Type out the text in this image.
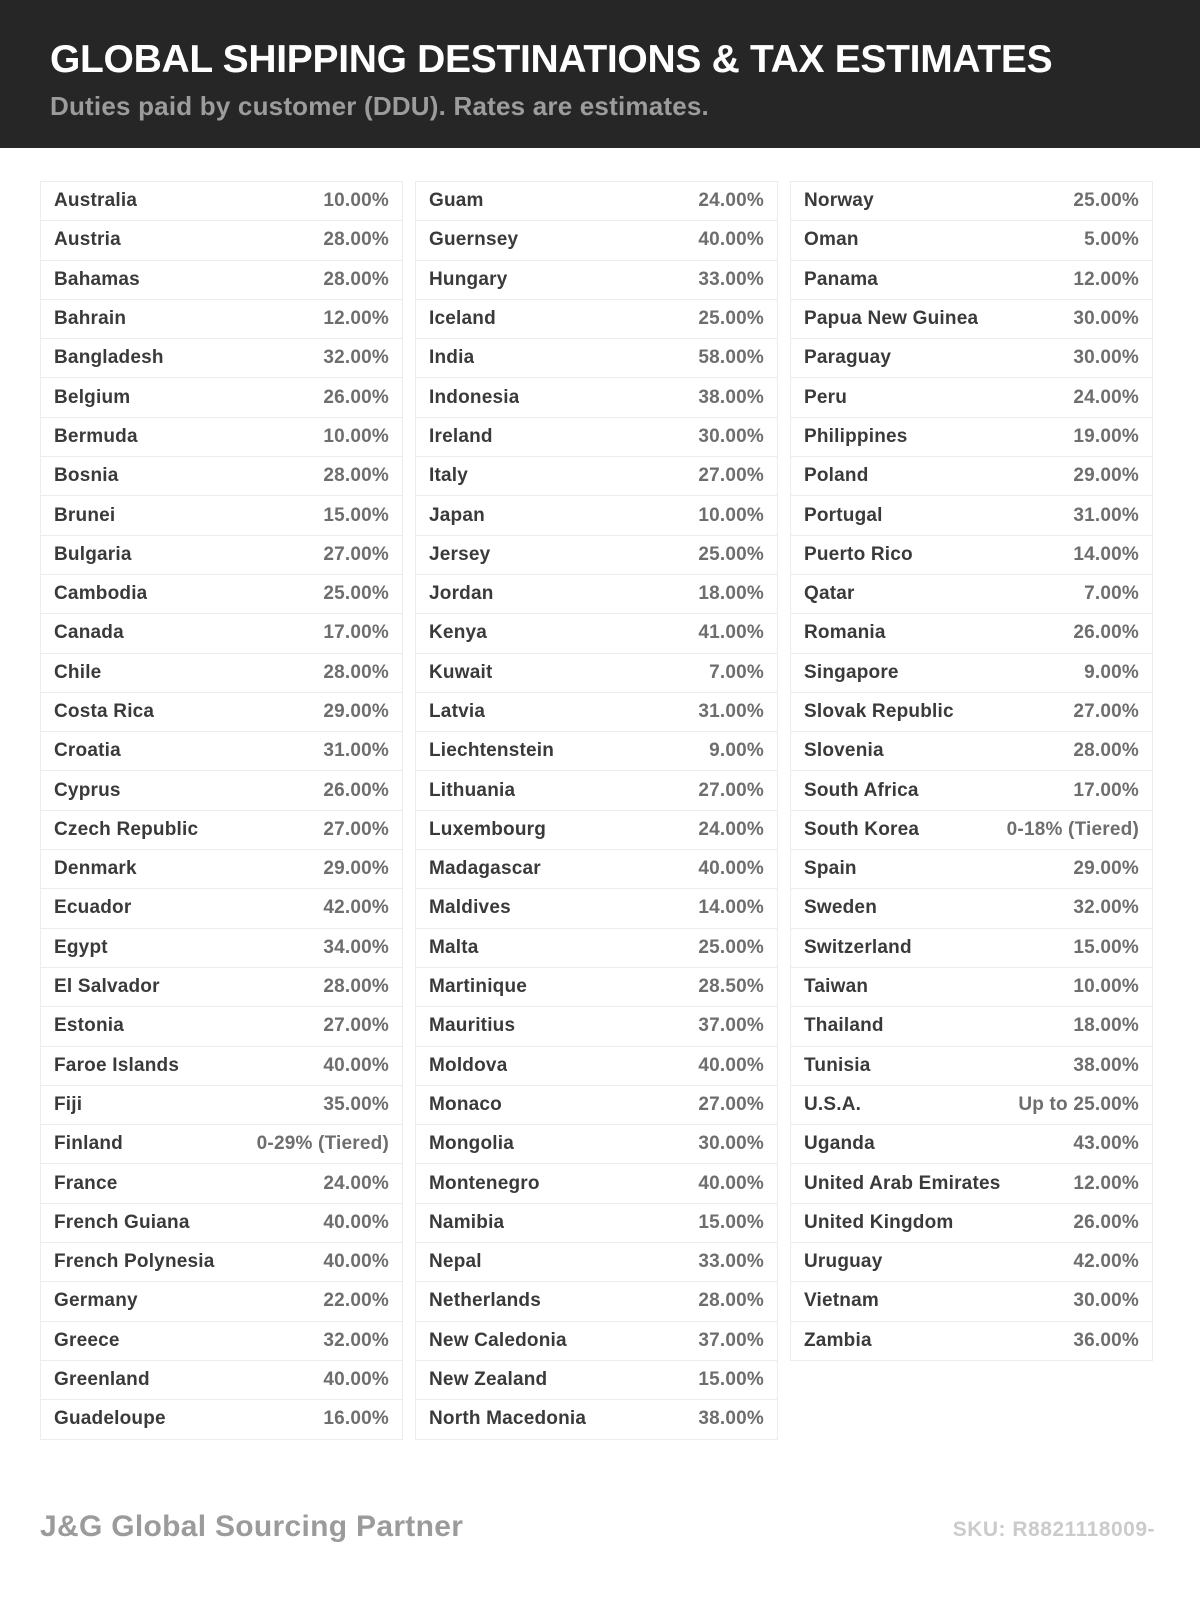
GLOBAL SHIPPING DESTINATIONS & TAX ESTIMATES

Duties paid by customer (DDU). Rates are estimates.

Australia	10.00%
Austria	28.00%
Bahamas	28.00%
Bahrain	12.00%
Bangladesh	32.00%
Belgium	26.00%
Bermuda	10.00%
Bosnia	28.00%
Brunei	15.00%
Bulgaria	27.00%
Cambodia	25.00%
Canada	17.00%
Chile	28.00%
Costa Rica	29.00%
Croatia	31.00%
Cyprus	26.00%
Czech Republic	27.00%
Denmark	29.00%
Ecuador	42.00%
Egypt	34.00%
El Salvador	28.00%
Estonia	27.00%
Faroe Islands	40.00%
Fiji	35.00%
Finland	0-29% (Tiered)
France	24.00%
French Guiana	40.00%
French Polynesia	40.00%
Germany	22.00%
Greece	32.00%
Greenland	40.00%
Guadeloupe	16.00%
Guam	24.00%
Guernsey	40.00%
Hungary	33.00%
Iceland	25.00%
India	58.00%
Indonesia	38.00%
Ireland	30.00%
Italy	27.00%
Japan	10.00%
Jersey	25.00%
Jordan	18.00%
Kenya	41.00%
Kuwait	7.00%
Latvia	31.00%
Liechtenstein	9.00%
Lithuania	27.00%
Luxembourg	24.00%
Madagascar	40.00%
Maldives	14.00%
Malta	25.00%
Martinique	28.50%
Mauritius	37.00%
Moldova	40.00%
Monaco	27.00%
Mongolia	30.00%
Montenegro	40.00%
Namibia	15.00%
Nepal	33.00%
Netherlands	28.00%
New Caledonia	37.00%
New Zealand	15.00%
North Macedonia	38.00%
Norway	25.00%
Oman	5.00%
Panama	12.00%
Papua New Guinea	30.00%
Paraguay	30.00%
Peru	24.00%
Philippines	19.00%
Poland	29.00%
Portugal	31.00%
Puerto Rico	14.00%
Qatar	7.00%
Romania	26.00%
Singapore	9.00%
Slovak Republic	27.00%
Slovenia	28.00%
South Africa	17.00%
South Korea	0-18% (Tiered)
Spain	29.00%
Sweden	32.00%
Switzerland	15.00%
Taiwan	10.00%
Thailand	18.00%
Tunisia	38.00%
U.S.A.	Up to 25.00%
Uganda	43.00%
United Arab Emirates	12.00%
United Kingdom	26.00%
Uruguay	42.00%
Vietnam	30.00%
Zambia	36.00%
J&G Global Sourcing Partner	SKU: R8821118009-
